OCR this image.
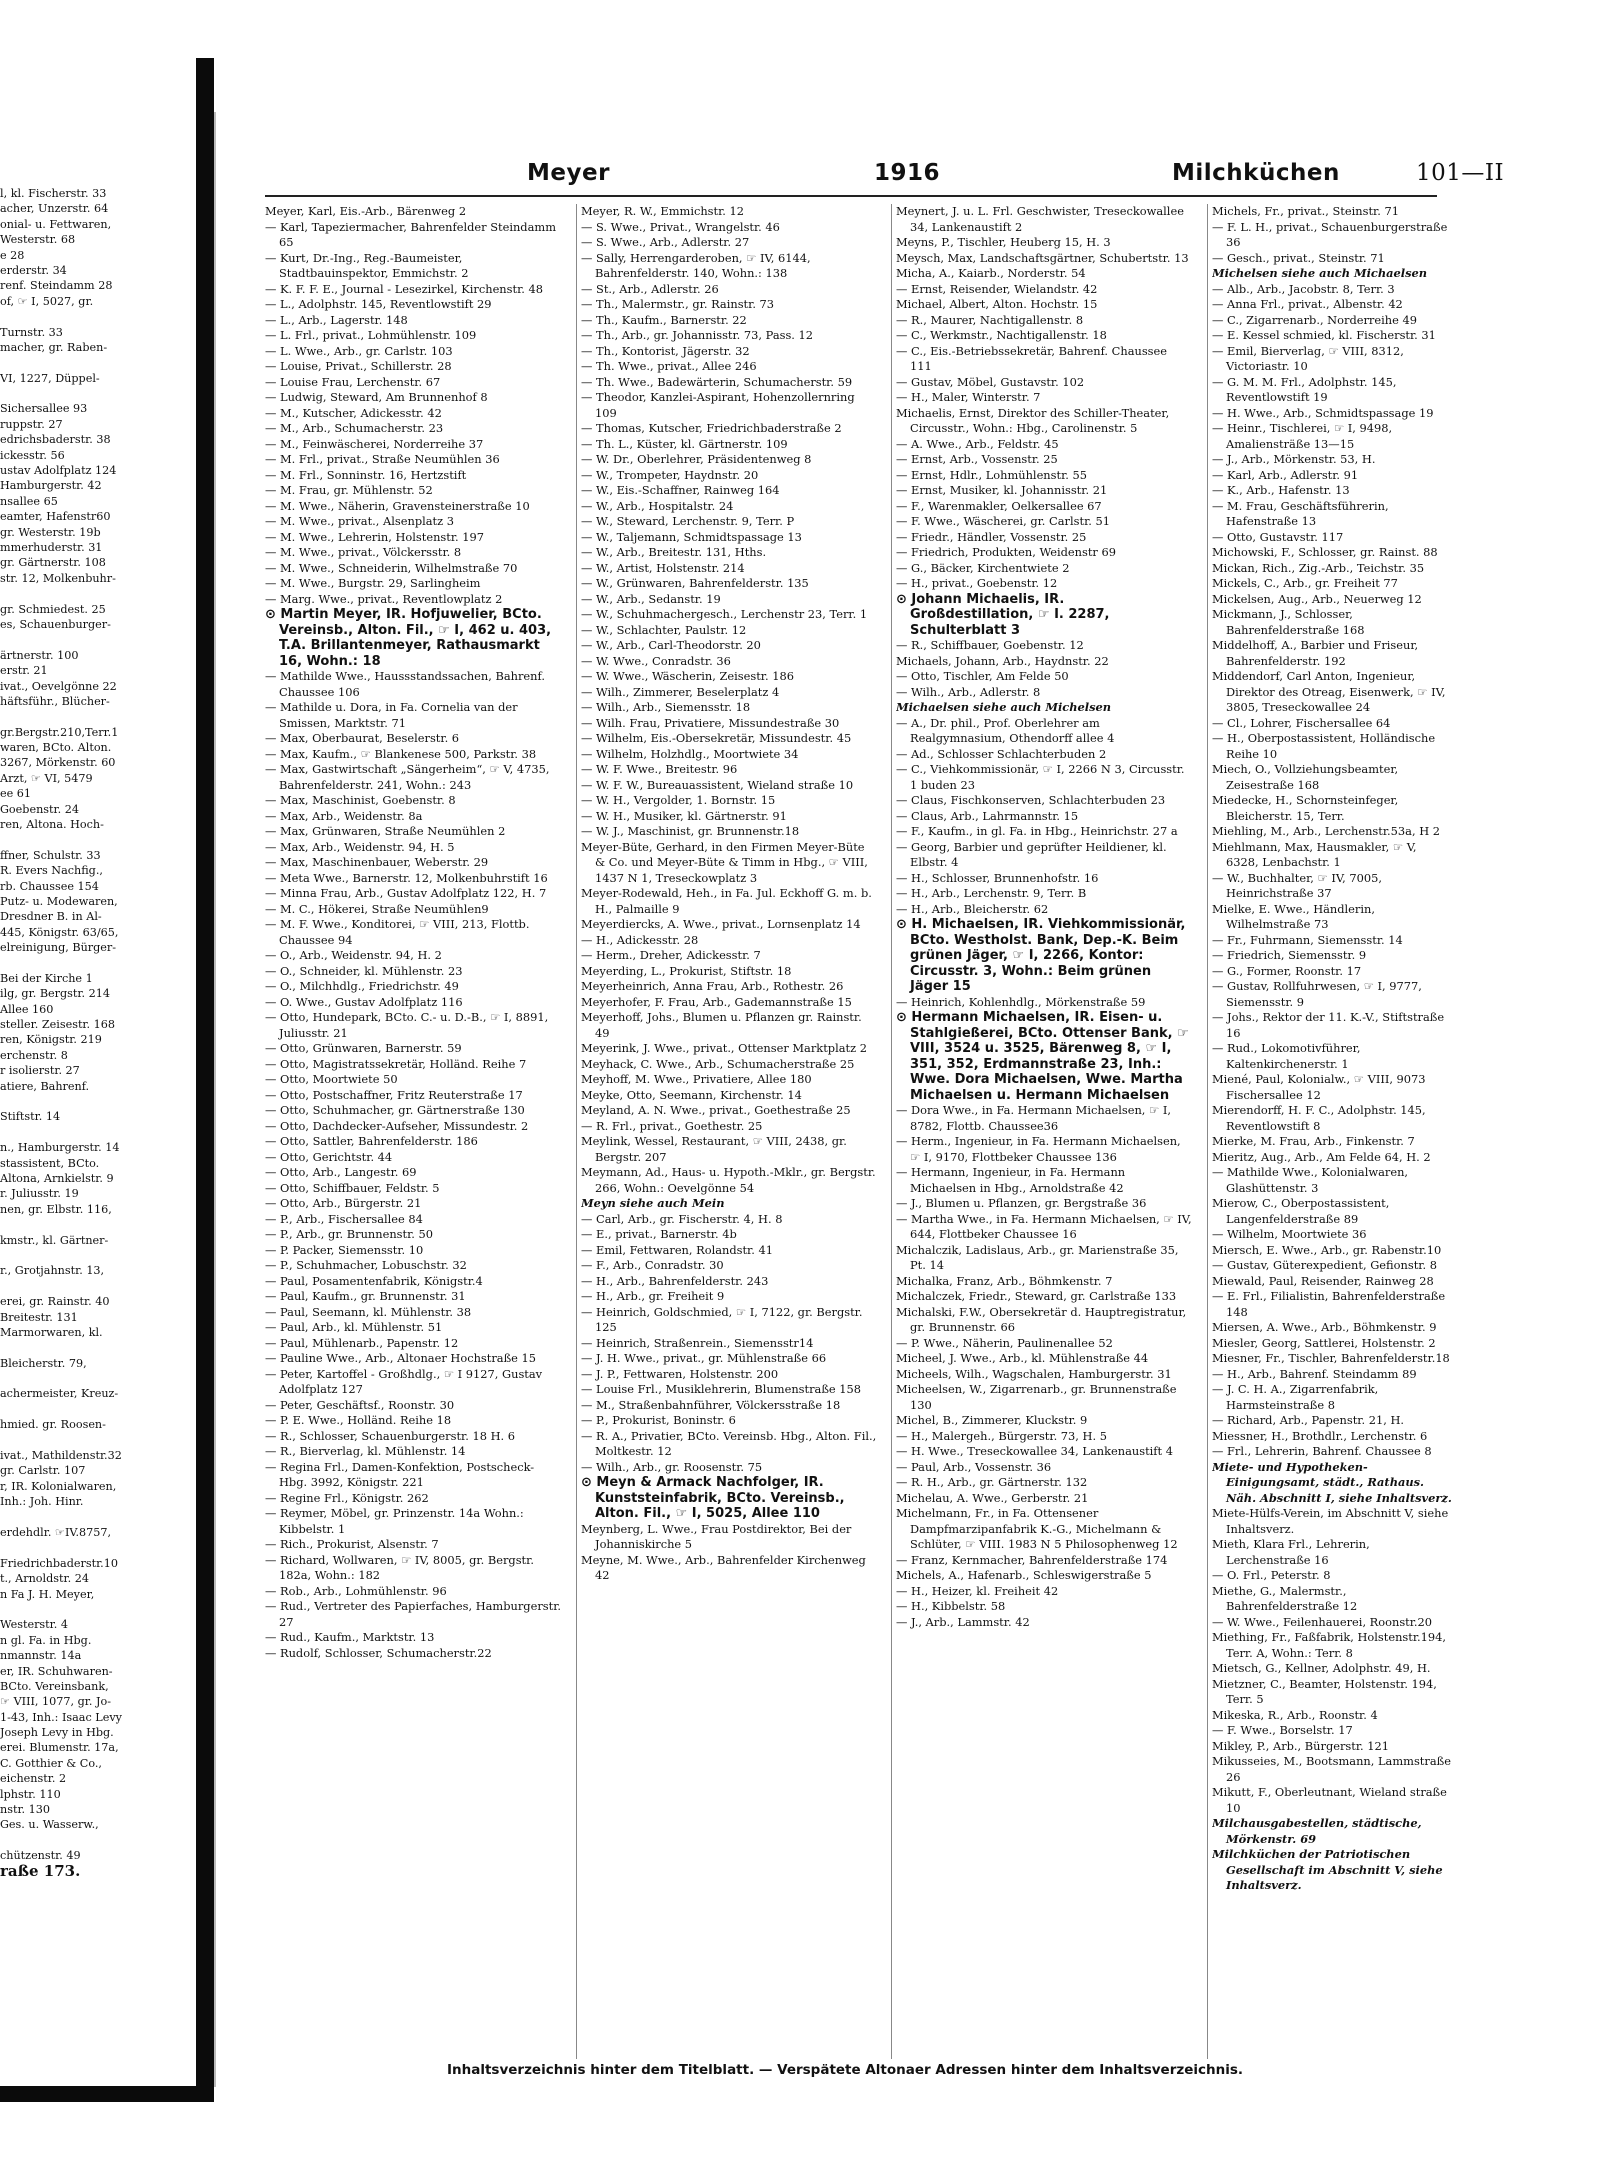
l, kl. Fischerstr. 33
acher, Unzerstr. 64
onial- u. Fettwaren,
Westerstr. 68
e 28
erderstr. 34
renf. Steindamm 28
of, ☞ I, 5027, gr.
Turnstr. 33
macher, gr. Raben-
VI, 1227, Düppel-
Sichersallee 93
ruppstr. 27
edrichsbaderstr. 38
ickesstr. 56
ustav Adolfplatz 124
Hamburgerstr. 42
nsallee 65
eamter, Hafenstr60
gr. Westerstr. 19b
mmerhuderstr. 31
gr. Gärtnerstr. 108
str. 12, Molkenbuhr-
gr. Schmiedest. 25
es, Schauenburger-
ärtnerstr. 100
erstr. 21
ivat., Oevelgönne 22
häftsführ., Blücher-
gr.Bergstr.210,Terr.1
waren, BCto. Alton.
3267, Mörkenstr. 60
Arzt, ☞ VI, 5479
ee 61
Goebenstr. 24
ren, Altona. Hoch-
ffner, Schulstr. 33
R. Evers Nachfig.,
rb. Chaussee 154
Putz- u. Modewaren,
Dresdner B. in Al-
445, Königstr. 63/65,
elreinigung, Bürger-
Bei der Kirche 1
ilg, gr. Bergstr. 214
Allee 160
steller. Zeisestr. 168
ren, Königstr. 219
erchenstr. 8
r isolierstr. 27
atiere, Bahrenf.
Stiftstr. 14
n., Hamburgerstr. 14
stassistent, BCto.
Altona, Arnkielstr. 9
r. Juliusstr. 19
nen, gr. Elbstr. 116,
kmstr., kl. Gärtner-
r., Grotjahnstr. 13,
erei, gr. Rainstr. 40
Breitestr. 131
Marmorwaren, kl.
Bleicherstr. 79,
achermeister, Kreuz-
hmied. gr. Roosen-
ivat., Mathildenstr.32
gr. Carlstr. 107
r, IR. Kolonialwaren,
Inh.: Joh. Hinr.
erdehdlr. ☞IV.8757,
Friedrichbaderstr.10
t., Arnoldstr. 24
n Fa J. H. Meyer,
Westerstr. 4
n gl. Fa. in Hbg.
nmannstr. 14a
er, IR. Schuhwaren-
BCto. Vereinsbank,
☞ VIII, 1077, gr. Jo-
1-43, Inh.: Isaac Levy
Joseph Levy in Hbg.
erei. Blumenstr. 17a,
C. Gotthier & Co.,
eichenstr. 2
lphstr. 110
nstr. 130
Ges. u. Wasserw.,
chützenstr. 49
raße 173.
Meyer	1916	Milchküchen	101—II

Meyer, Karl, Eis.-Arb., Bärenweg 2

— Karl, Tapeziermacher, Bahrenfelder Steindamm 65

— Kurt, Dr.-Ing., Reg.-Baumeister, Stadtbauinspektor, Emmichstr. 2

— K. F. F. E., Journal - Lesezirkel, Kirchenstr. 48

— L., Adolphstr. 145, Reventlowstift 29

— L., Arb., Lagerstr. 148

— L. Frl., privat., Lohmühlenstr. 109

— L. Wwe., Arb., gr. Carlstr. 103

— Louise, Privat., Schillerstr. 28

— Louise Frau, Lerchenstr. 67

— Ludwig, Steward, Am Brunnenhof 8

— M., Kutscher, Adickesstr. 42

— M., Arb., Schumacherstr. 23

— M., Feinwäscherei, Norderreihe 37

— M. Frl., privat., Straße Neumühlen 36

— M. Frl., Sonninstr. 16, Hertzstift

— M. Frau, gr. Mühlenstr. 52

— M. Wwe., Näherin, Gravensteinerstraße 10

— M. Wwe., privat., Alsenplatz 3

— M. Wwe., Lehrerin, Holstenstr. 197

— M. Wwe., privat., Völckersstr. 8

— M. Wwe., Schneiderin, Wilhelmstraße 70

— M. Wwe., Burgstr. 29, Sarlingheim

— Marg. Wwe., privat., Reventlowplatz 2

⊙ Martin Meyer, IR. Hofjuwelier, BCto. Vereinsb., Alton. Fil., ☞ I, 462 u. 403, T.A. Brillantenmeyer, Rathausmarkt 16, Wohn.: 18

— Mathilde Wwe., Haussstandssachen, Bahrenf. Chaussee 106

— Mathilde u. Dora, in Fa. Cornelia van der Smissen, Marktstr. 71

— Max, Oberbaurat, Beselerstr. 6

— Max, Kaufm., ☞ Blankenese 500, Parkstr. 38

— Max, Gastwirtschaft „Sängerheim“, ☞ V, 4735, Bahrenfelderstr. 241, Wohn.: 243

— Max, Maschinist, Goebenstr. 8

— Max, Arb., Weidenstr. 8a

— Max, Grünwaren, Straße Neumühlen 2

— Max, Arb., Weidenstr. 94, H. 5

— Max, Maschinenbauer, Weberstr. 29

— Meta Wwe., Barnerstr. 12, Molkenbuhrstift 16

— Minna Frau, Arb., Gustav Adolfplatz 122, H. 7

— M. C., Hökerei, Straße Neumühlen9

— M. F. Wwe., Konditorei, ☞ VIII, 213, Flottb. Chaussee 94

— O., Arb., Weidenstr. 94, H. 2

— O., Schneider, kl. Mühlenstr. 23

— O., Milchhdlg., Friedrichstr. 49

— O. Wwe., Gustav Adolfplatz 116

— Otto, Hundepark, BCto. C.- u. D.-B., ☞ I, 8891, Juliusstr. 21

— Otto, Grünwaren, Barnerstr. 59

— Otto, Magistratssekretär, Holländ. Reihe 7

— Otto, Moortwiete 50

— Otto, Postschaffner, Fritz Reuterstraße 17

— Otto, Schuhmacher, gr. Gärtnerstraße 130

— Otto, Dachdecker-Aufseher, Missundestr. 2

— Otto, Sattler, Bahrenfelderstr. 186

— Otto, Gerichtstr. 44

— Otto, Arb., Langestr. 69

— Otto, Schiffbauer, Feldstr. 5

— Otto, Arb., Bürgerstr. 21

— P., Arb., Fischersallee 84

— P., Arb., gr. Brunnenstr. 50

— P. Packer, Siemensstr. 10

— P., Schuhmacher, Lobuschstr. 32

— Paul, Posamentenfabrik, Königstr.4

— Paul, Kaufm., gr. Brunnenstr. 31

— Paul, Seemann, kl. Mühlenstr. 38

— Paul, Arb., kl. Mühlenstr. 51

— Paul, Mühlenarb., Papenstr. 12

— Pauline Wwe., Arb., Altonaer Hochstraße 15

— Peter, Kartoffel - Großhdlg., ☞ I 9127, Gustav Adolfplatz 127

— Peter, Geschäftsf., Roonstr. 30

— P. E. Wwe., Holländ. Reihe 18

— R., Schlosser, Schauenburgerstr. 18 H. 6

— R., Bierverlag, kl. Mühlenstr. 14

— Regina Frl., Damen-Konfektion, Postscheck- Hbg. 3992, Königstr. 221

— Regine Frl., Königstr. 262

— Reymer, Möbel, gr. Prinzenstr. 14a Wohn.: Kibbelstr. 1

— Rich., Prokurist, Alsenstr. 7

— Richard, Wollwaren, ☞ IV, 8005, gr. Bergstr. 182a, Wohn.: 182

— Rob., Arb., Lohmühlenstr. 96

— Rud., Vertreter des Papierfaches, Hamburgerstr. 27

— Rud., Kaufm., Marktstr. 13

— Rudolf, Schlosser, Schumacherstr.22

Meyer, R. W., Emmichstr. 12

— S. Wwe., Privat., Wrangelstr. 46

— S. Wwe., Arb., Adlerstr. 27

— Sally, Herrengarderoben, ☞ IV, 6144, Bahrenfelderstr. 140, Wohn.: 138

— St., Arb., Adlerstr. 26

— Th., Malermstr., gr. Rainstr. 73

— Th., Kaufm., Barnerstr. 22

— Th., Arb., gr. Johannisstr. 73, Pass. 12

— Th., Kontorist, Jägerstr. 32

— Th. Wwe., privat., Allee 246

— Th. Wwe., Badewärterin, Schumacherstr. 59

— Theodor, Kanzlei-Aspirant, Hohenzollernring 109

— Thomas, Kutscher, Friedrichbaderstraße 2

— Th. L., Küster, kl. Gärtnerstr. 109

— W. Dr., Oberlehrer, Präsidentenweg 8

— W., Trompeter, Haydnstr. 20

— W., Eis.-Schaffner, Rainweg 164

— W., Arb., Hospitalstr. 24

— W., Steward, Lerchenstr. 9, Terr. P

— W., Taljemann, Schmidtspassage 13

— W., Arb., Breitestr. 131, Hths.

— W., Artist, Holstenstr. 214

— W., Grünwaren, Bahrenfelderstr. 135

— W., Arb., Sedanstr. 19

— W., Schuhmachergesch., Lerchenstr 23, Terr. 1

— W., Schlachter, Paulstr. 12

— W., Arb., Carl-Theodorstr. 20

— W. Wwe., Conradstr. 36

— W. Wwe., Wäscherin, Zeisestr. 186

— Wilh., Zimmerer, Beselerplatz 4

— Wilh., Arb., Siemensstr. 18

— Wilh. Frau, Privatiere, Missundestraße 30

— Wilhelm, Eis.-Obersekretär, Missundestr. 45

— Wilhelm, Holzhdlg., Moortwiete 34

— W. F. Wwe., Breitestr. 96

— W. F. W., Bureauassistent, Wieland straße 10

— W. H., Vergolder, 1. Bornstr. 15

— W. H., Musiker, kl. Gärtnerstr. 91

— W. J., Maschinist, gr. Brunnenstr.18

Meyer-Büte, Gerhard, in den Firmen Meyer-Büte & Co. und Meyer-Büte & Timm in Hbg., ☞ VIII, 1437 N 1, Treseckowplatz 3

Meyer-Rodewald, Heh., in Fa. Jul. Eckhoff G. m. b. H., Palmaille 9

Meyerdiercks, A. Wwe., privat., Lornsenplatz 14

— H., Adickesstr. 28

— Herm., Dreher, Adickesstr. 7

Meyerding, L., Prokurist, Stiftstr. 18

Meyerheinrich, Anna Frau, Arb., Rothestr. 26

Meyerhofer, F. Frau, Arb., Gademannstraße 15

Meyerhoff, Johs., Blumen u. Pflanzen gr. Rainstr. 49

Meyerink, J. Wwe., privat., Ottenser Marktplatz 2

Meyhack, C. Wwe., Arb., Schumacherstraße 25

Meyhoff, M. Wwe., Privatiere, Allee 180

Meyke, Otto, Seemann, Kirchenstr. 14

Meyland, A. N. Wwe., privat., Goethestraße 25

— R. Frl., privat., Goethestr. 25

Meylink, Wessel, Restaurant, ☞ VIII, 2438, gr. Bergstr. 207

Meymann, Ad., Haus- u. Hypoth.-Mklr., gr. Bergstr. 266, Wohn.: Oevelgönne 54

Meyn siehe auch Mein

— Carl, Arb., gr. Fischerstr. 4, H. 8

— E., privat., Barnerstr. 4b

— Emil, Fettwaren, Rolandstr. 41

— F., Arb., Conradstr. 30

— H., Arb., Bahrenfelderstr. 243

— H., Arb., gr. Freiheit 9

— Heinrich, Goldschmied, ☞ I, 7122, gr. Bergstr. 125

— Heinrich, Straßenrein., Siemensstr14

— J. H. Wwe., privat., gr. Mühlenstraße 66

— J. P., Fettwaren, Holstenstr. 200

— Louise Frl., Musiklehrerin, Blumenstraße 158

— M., Straßenbahnführer, Völckersstraße 18

— P., Prokurist, Boninstr. 6

— R. A., Privatier, BCto. Vereinsb. Hbg., Alton. Fil., Moltkestr. 12

— Wilh., Arb., gr. Roosenstr. 75

⊙ Meyn & Armack Nachfolger, IR. Kunststeinfabrik, BCto. Vereinsb., Alton. Fil., ☞ I, 5025, Allee 110

Meynberg, L. Wwe., Frau Postdirektor, Bei der Johanniskirche 5

Meyne, M. Wwe., Arb., Bahrenfelder Kirchenweg 42

Meynert, J. u. L. Frl. Geschwister, Treseckowallee 34, Lankenaustift 2

Meyns, P., Tischler, Heuberg 15, H. 3

Meysch, Max, Landschaftsgärtner, Schubertstr. 13

Micha, A., Kaiarb., Norderstr. 54

— Ernst, Reisender, Wielandstr. 42

Michael, Albert, Alton. Hochstr. 15

— R., Maurer, Nachtigallenstr. 8

— C., Werkmstr., Nachtigallenstr. 18

— C., Eis.-Betriebssekretär, Bahrenf. Chaussee 111

— Gustav, Möbel, Gustavstr. 102

— H., Maler, Winterstr. 7

Michaelis, Ernst, Direktor des Schiller-Theater, Circusstr., Wohn.: Hbg., Carolinenstr. 5

— A. Wwe., Arb., Feldstr. 45

— Ernst, Arb., Vossenstr. 25

— Ernst, Hdlr., Lohmühlenstr. 55

— Ernst, Musiker, kl. Johannisstr. 21

— F., Warenmakler, Oelkersallee 67

— F. Wwe., Wäscherei, gr. Carlstr. 51

— Friedr., Händler, Vossenstr. 25

— Friedrich, Produkten, Weidenstr 69

— G., Bäcker, Kirchentwiete 2

— H., privat., Goebenstr. 12

⊙ Johann Michaelis, IR. Großdestillation, ☞ I. 2287, Schulterblatt 3

— R., Schiffbauer, Goebenstr. 12

Michaels, Johann, Arb., Haydnstr. 22

— Otto, Tischler, Am Felde 50

— Wilh., Arb., Adlerstr. 8

Michaelsen siehe auch Michelsen

— A., Dr. phil., Prof. Oberlehrer am Realgymnasium, Othendorff allee 4

— Ad., Schlosser Schlachterbuden 2

— C., Viehkommissionär, ☞ I, 2266 N 3, Circusstr. 1 buden 23

— Claus, Fischkonserven, Schlachterbuden 23

— Claus, Arb., Lahrmannstr. 15

— F., Kaufm., in gl. Fa. in Hbg., Heinrichstr. 27 a

— Georg, Barbier und geprüfter Heildiener, kl. Elbstr. 4

— H., Schlosser, Brunnenhofstr. 16

— H., Arb., Lerchenstr. 9, Terr. B

— H., Arb., Bleicherstr. 62

⊙ H. Michaelsen, IR. Viehkommissionär, BCto. Westholst. Bank, Dep.-K. Beim grünen Jäger, ☞ I, 2266, Kontor: Circusstr. 3, Wohn.: Beim grünen Jäger 15

— Heinrich, Kohlenhdlg., Mörkenstraße 59

⊙ Hermann Michaelsen, IR. Eisen- u. Stahlgießerei, BCto. Ottenser Bank, ☞ VIII, 3524 u. 3525, Bärenweg 8, ☞ I, 351, 352, Erdmannstraße 23, Inh.: Wwe. Dora Michaelsen, Wwe. Martha Michaelsen u. Hermann Michaelsen

— Dora Wwe., in Fa. Hermann Michaelsen, ☞ I, 8782, Flottb. Chaussee36

— Herm., Ingenieur, in Fa. Hermann Michaelsen, ☞ I, 9170, Flottbeker Chaussee 136

— Hermann, Ingenieur, in Fa. Hermann Michaelsen in Hbg., Arnoldstraße 42

— J., Blumen u. Pflanzen, gr. Bergstraße 36

— Martha Wwe., in Fa. Hermann Michaelsen, ☞ IV, 644, Flottbeker Chaussee 16

Michalczik, Ladislaus, Arb., gr. Marienstraße 35, Pt. 14

Michalka, Franz, Arb., Böhmkenstr. 7

Michalczek, Friedr., Steward, gr. Carlstraße 133

Michalski, F.W., Obersekretär d. Hauptregistratur, gr. Brunnenstr. 66

— P. Wwe., Näherin, Paulinenallee 52

Micheel, J. Wwe., Arb., kl. Mühlenstraße 44

Micheels, Wilh., Wagschalen, Hamburgerstr. 31

Micheelsen, W., Zigarrenarb., gr. Brunnenstraße 130

Michel, B., Zimmerer, Kluckstr. 9

— H., Malergeh., Bürgerstr. 73, H. 5

— H. Wwe., Treseckowallee 34, Lankenaustift 4

— Paul, Arb., Vossenstr. 36

— R. H., Arb., gr. Gärtnerstr. 132

Michelau, A. Wwe., Gerberstr. 21

Michelmann, Fr., in Fa. Ottensener Dampfmarzipanfabrik K.-G., Michelmann & Schlüter, ☞ VIII. 1983 N 5 Philosophenweg 12

— Franz, Kernmacher, Bahrenfelderstraße 174

Michels, A., Hafenarb., Schleswigerstraße 5

— H., Heizer, kl. Freiheit 42

— H., Kibbelstr. 58

— J., Arb., Lammstr. 42

Michels, Fr., privat., Steinstr. 71

— F. L. H., privat., Schauenburgerstraße 36

— Gesch., privat., Steinstr. 71

Michelsen siehe auch Michaelsen

— Alb., Arb., Jacobstr. 8, Terr. 3

— Anna Frl., privat., Albenstr. 42

— C., Zigarrenarb., Norderreihe 49

— E. Kessel schmied, kl. Fischerstr. 31

— Emil, Bierverlag, ☞ VIII, 8312, Victoriastr. 10

— G. M. M. Frl., Adolphstr. 145, Reventlowstift 19

— H. Wwe., Arb., Schmidtspassage 19

— Heinr., Tischlerei, ☞ I, 9498, Amaliensträße 13—15

— J., Arb., Mörkenstr. 53, H.

— Karl, Arb., Adlerstr. 91

— K., Arb., Hafenstr. 13

— M. Frau, Geschäftsführerin, Hafenstraße 13

— Otto, Gustavstr. 117

Michowski, F., Schlosser, gr. Rainst. 88

Mickan, Rich., Zig.-Arb., Teichstr. 35

Mickels, C., Arb., gr. Freiheit 77

Mickelsen, Aug., Arb., Neuerweg 12

Mickmann, J., Schlosser, Bahrenfelderstraße 168

Middelhoff, A., Barbier und Friseur, Bahrenfelderstr. 192

Middendorf, Carl Anton, Ingenieur, Direktor des Otreag, Eisenwerk, ☞ IV, 3805, Treseckowallee 24

— Cl., Lohrer, Fischersallee 64

— H., Oberpostassistent, Holländische Reihe 10

Miech, O., Vollziehungsbeamter, Zeisestraße 168

Miedecke, H., Schornsteinfeger, Bleicherstr. 15, Terr.

Miehling, M., Arb., Lerchenstr.53a, H 2

Miehlmann, Max, Hausmakler, ☞ V, 6328, Lenbachstr. 1

— W., Buchhalter, ☞ IV, 7005, Heinrichstraße 37

Mielke, E. Wwe., Händlerin, Wilhelmstraße 73

— Fr., Fuhrmann, Siemensstr. 14

— Friedrich, Siemensstr. 9

— G., Former, Roonstr. 17

— Gustav, Rollfuhrwesen, ☞ I, 9777, Siemensstr. 9

— Johs., Rektor der 11. K.-V., Stiftstraße 16

— Rud., Lokomotivführer, Kaltenkirchenerstr. 1

Miené, Paul, Kolonialw., ☞ VIII, 9073 Fischersallee 12

Mierendorff, H. F. C., Adolphstr. 145, Reventlowstift 8

Mierke, M. Frau, Arb., Finkenstr. 7

Mieritz, Aug., Arb., Am Felde 64, H. 2

— Mathilde Wwe., Kolonialwaren, Glashüttenstr. 3

Mierow, C., Oberpostassistent, Langenfelderstraße 89

— Wilhelm, Moortwiete 36

Miersch, E. Wwe., Arb., gr. Rabenstr.10

— Gustav, Güterexpedient, Gefionstr. 8

Miewald, Paul, Reisender, Rainweg 28

— E. Frl., Filialistin, Bahrenfelderstraße 148

Miersen, A. Wwe., Arb., Böhmkenstr. 9

Miesler, Georg, Sattlerei, Holstenstr. 2

Miesner, Fr., Tischler, Bahrenfelderstr.18

— H., Arb., Bahrenf. Steindamm 89

— J. C. H. A., Zigarrenfabrik, Harmsteinstraße 8

— Richard, Arb., Papenstr. 21, H.

Miessner, H., Brothdlr., Lerchenstr. 6

— Frl., Lehrerin, Bahrenf. Chaussee 8

Miete- und Hypotheken-Einigungsamt, städt., Rathaus. Näh. Abschnitt I, siehe Inhaltsverz.

Miete-Hülfs-Verein, im Abschnitt V, siehe Inhaltsverz.

Mieth, Klara Frl., Lehrerin, Lerchenstraße 16

— O. Frl., Peterstr. 8

Miethe, G., Malermstr., Bahrenfelderstraße 12

— W. Wwe., Feilenhauerei, Roonstr.20

Miething, Fr., Faßfabrik, Holstenstr.194, Terr. A, Wohn.: Terr. 8

Mietsch, G., Kellner, Adolphstr. 49, H.

Mietzner, C., Beamter, Holstenstr. 194, Terr. 5

Mikeska, R., Arb., Roonstr. 4

— F. Wwe., Borselstr. 17

Mikley, P., Arb., Bürgerstr. 121

Mikusseies, M., Bootsmann, Lammstraße 26

Mikutt, F., Oberleutnant, Wieland straße 10

Milchausgabestellen, städtische, Mörkenstr. 69

Milchküchen der Patriotischen Gesellschaft im Abschnitt V, siehe Inhaltsverz.

Inhaltsverzeichnis hinter dem Titelblatt. — Verspätete Altonaer Adressen hinter dem Inhaltsverzeichnis.
